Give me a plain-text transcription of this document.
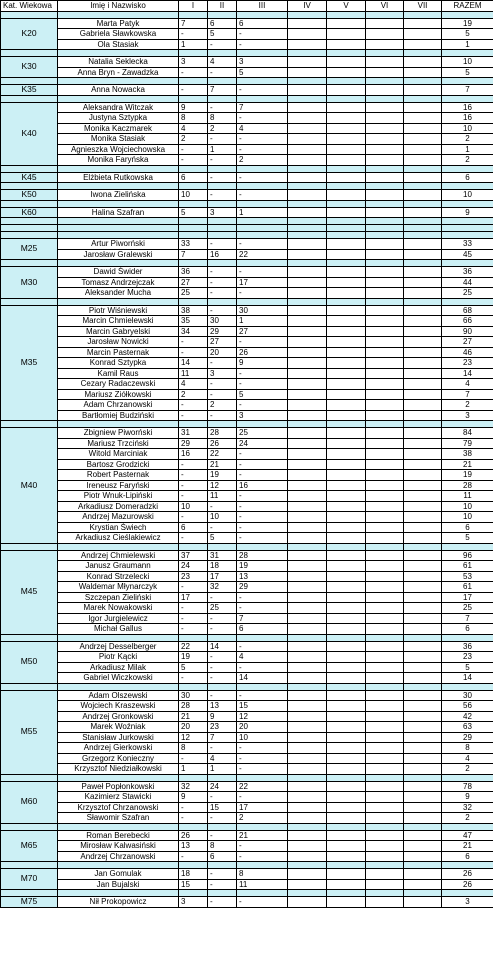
Kat. Wiekowa	Imię i Nazwisko	I	II	III	IV	V	VI	VII	RAZEM

K20	Marta Patyk	7	6	6					19
	Gabriela Sławkowska	-	5	-					5
	Ola Stasiak	1	-	-					1

K30	Natalia Seklecka	3	4	3					10
	Anna Bryn - Zawadzka	-	-	5					5

K35	Anna Nowacka	-	7	-					7

K40	Aleksandra Witczak	9	-	7					16
	Justyna Sztypka	8	8	-					16
	Monika Kaczmarek	4	2	4					10
	Monika Stasiak	2	-	-					2
	Agnieszka Wojciechowska	-	1	-					1
	Monika Faryńska	-	-	2					2

K45	Elżbieta Rutkowska	6	-	-					6

K50	Iwona Zielińska	10	-	-					10

K60	Halina Szafran	5	3	1					9

M25	Artur Piworński	33	-	-					33
	Jarosław Gralewski	7	16	22					45

M30	Dawid Świder	36	-	-					36
	Tomasz Andrzejczak	27	-	17					44
	Aleksander Mucha	25	-	-					25

M35	Piotr Wiśniewski	38	-	30					68
	Marcin Chmielewski	35	30	1					66
	Marcin Gabryelski	34	29	27					90
	Jarosław Nowicki	-	27	-					27
	Marcin Pasternak	-	20	26					46
	Konrad Sztypka	14	-	9					23
	Kamil Raus	11	3	-					14
	Cezary Radaczewski	4	-	-					4
	Mariusz Ziółkowski	2	-	5					7
	Adam Chrzanowski	-	2	-					2
	Bartłomiej Budziński	-	-	3					3

M40	Zbigniew Piworński	31	28	25					84
	Mariusz Trzciński	29	26	24					79
	Witold Marciniak	16	22	-					38
	Bartosz Grodzicki	-	21	-					21
	Robert Pasternak	-	19	-					19
	Ireneusz Faryński	-	12	16					28
	Piotr Wnuk-Lipiński	-	11	-					11
	Arkadiusz Domeradzki	10	-	-					10
	Andrzej Mazurowski	-	10	-					10
	Krystian Świech	6	-	-					6
	Arkadiusz Cieślakiewicz	-	5	-					5

M45	Andrzej Chmielewski	37	31	28					96
	Janusz Graumann	24	18	19					61
	Konrad Strzelecki	23	17	13					53
	Waldemar Młynarczyk	-	32	29					61
	Szczepan Zieliński	17	-	-					17
	Marek Nowakowski	-	25	-					25
	Igor Jurgielewicz	-	-	7					7
	Michał Gallus	-	-	6					6

M50	Andrzej Desselberger	22	14	-					36
	Piotr Kącki	19	-	4					23
	Arkadiusz Milak	5	-	-					5
	Gabriel Wiczkowski	-	-	14					14

M55	Adam Olszewski	30	-	-					30
	Wojciech Kraszewski	28	13	15					56
	Andrzej Gronkowski	21	9	12					42
	Marek Woźniak	20	23	20					63
	Stanisław Jurkowski	12	7	10					29
	Andrzej Gierkowski	8	-	-					8
	Grzegorz Konieczny	-	4	-					4
	Krzysztof Niedziałkowski	1	1	-					2

M60	Paweł Popłonkowski	32	24	22					78
	Kazimierz Stawicki	9	-	-					9
	Krzysztof Chrzanowski	-	15	17					32
	Sławomir Szafran	-	-	2					2

M65	Roman Berebecki	26	-	21					47
	Mirosław Kalwasiński	13	8	-					21
	Andrzej Chrzanowski	-	6	-					6

M70	Jan Gomulak	18	-	8					26
	Jan Bujalski	15	-	11					26

M75	Nił Prokopowicz	3	-	-					3
